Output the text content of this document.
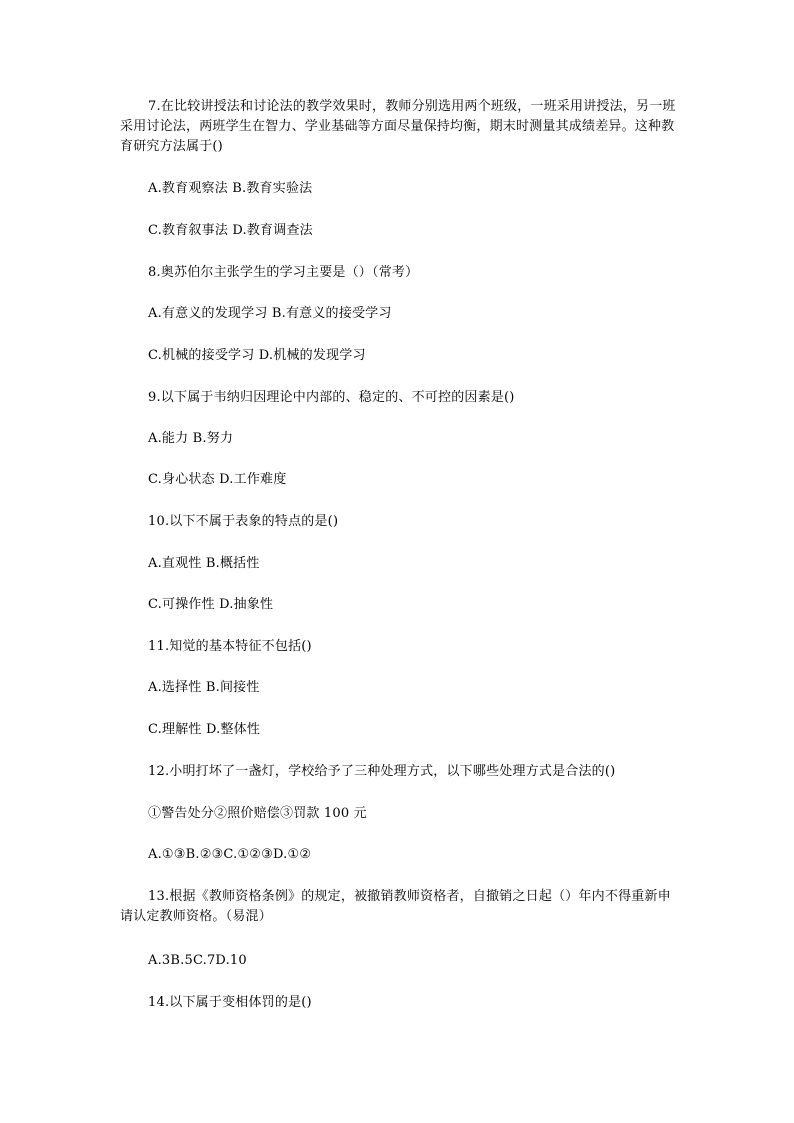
7.在比较讲授法和讨论法的教学效果时，教师分别选用两个班级，一班采用讲授法，另一班采用讨论法，两班学生在智力、学业基础等方面尽量保持均衡，期末时测量其成绩差异。这种教育研究方法属于()
A.教育观察法 B.教育实验法
C.教育叙事法 D.教育调查法
8.奥苏伯尔主张学生的学习主要是（）（常考）
A.有意义的发现学习 B.有意义的接受学习
C.机械的接受学习 D.机械的发现学习
9.以下属于韦纳归因理论中内部的、稳定的、不可控的因素是()
A.能力 B.努力
C.身心状态 D.工作难度
10.以下不属于表象的特点的是()
A.直观性 B.概括性
C.可操作性 D.抽象性
11.知觉的基本特征不包括()
A.选择性 B.间接性
C.理解性 D.整体性
12.小明打坏了一盏灯，学校给予了三种处理方式，以下哪些处理方式是合法的()
①警告处分②照价赔偿③罚款 100 元
A.①③B.②③C.①②③D.①②
13.根据《教师资格条例》的规定，被撤销教师资格者，自撤销之日起（）年内不得重新申请认定教师资格。（易混）
A.3B.5C.7D.10
14.以下属于变相体罚的是()
